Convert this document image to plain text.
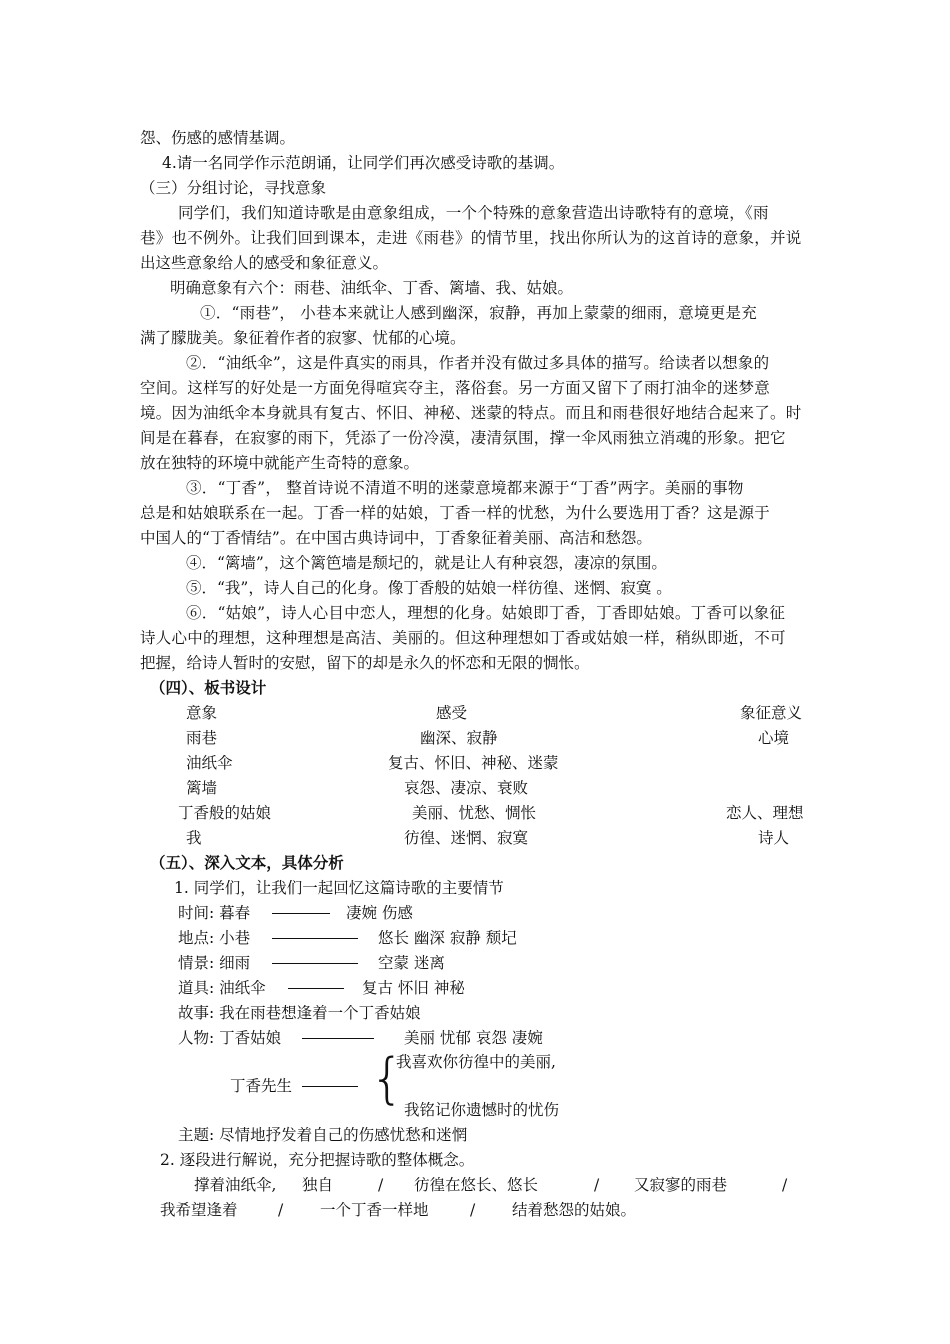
怨、伤感的感情基调。
4.请一名同学作示范朗诵，让同学们再次感受诗歌的基调。
（三）分组讨论，寻找意象
同学们，我们知道诗歌是由意象组成，一个个特殊的意象营造出诗歌特有的意境，《雨
巷》也不例外。让我们回到课本，走进《雨巷》的情节里，找出你所认为的这首诗的意象，并说
出这些意象给人的感受和象征意义。
明确意象有六个：雨巷、油纸伞、丁香、篱墙、我、姑娘。
①．“雨巷”， 小巷本来就让人感到幽深，寂静，再加上蒙蒙的细雨，意境更是充
满了朦胧美。象征着作者的寂寥、忧郁的心境。
②．“油纸伞”，这是件真实的雨具，作者并没有做过多具体的描写。给读者以想象的
空间。这样写的好处是一方面免得喧宾夺主，落俗套。另一方面又留下了雨打油伞的迷梦意
境。因为油纸伞本身就具有复古、怀旧、神秘、迷蒙的特点。而且和雨巷很好地结合起来了。时
间是在暮春，在寂寥的雨下，凭添了一份冷漠，凄清氛围，撑一伞风雨独立消魂的形象。把它
放在独特的环境中就能产生奇特的意象。
③．“丁香”， 整首诗说不清道不明的迷蒙意境都来源于“丁香”两字。美丽的事物
总是和姑娘联系在一起。丁香一样的姑娘，丁香一样的忧愁，为什么要选用丁香？这是源于
中国人的“丁香情结”。在中国古典诗词中，丁香象征着美丽、高洁和愁怨。
④．“篱墙”，这个篱笆墙是颓圮的，就是让人有种哀怨，凄凉的氛围。
⑤．“我”，诗人自己的化身。像丁香般的姑娘一样彷徨、迷惘、寂寞 。
⑥．“姑娘”，诗人心目中恋人，理想的化身。姑娘即丁香，丁香即姑娘。丁香可以象征
诗人心中的理想，这种理想是高洁、美丽的。但这种理想如丁香或姑娘一样，稍纵即逝，不可
把握，给诗人暂时的安慰，留下的却是永久的怀恋和无限的惆怅。
（四）、板书设计
意象	感受	象征意义
雨巷	幽深、寂静	心境
油纸伞	复古、怀旧、神秘、迷蒙
篱墙	哀怨、凄凉、衰败
丁香般的姑娘	美丽、忧愁、惆怅	恋人、理想
我	彷徨、迷惘、寂寞	诗人
（五）、深入文本，具体分析
1. 同学们，让我们一起回忆这篇诗歌的主要情节
时间: 暮春	凄婉 伤感
地点: 小巷	悠长 幽深 寂静 颓圮
情景: 细雨	空蒙 迷离
道具: 油纸伞	复古 怀旧 神秘
故事: 我在雨巷想逢着一个丁香姑娘
人物: 丁香姑娘	美丽 忧郁 哀怨 凄婉
丁香先生 {
我喜欢你彷徨中的美丽,
我铭记你遗憾时的忧伤
主题: 尽情地抒发着自己的伤感忧愁和迷惘
2. 逐段进行解说，充分把握诗歌的整体概念。
撑着油纸伞, 独自	/ 彷徨在悠长、悠长	/ 又寂寥的雨巷	/
我希望逢着	/ 一个丁香一样地	/ 结着愁怨的姑娘。
